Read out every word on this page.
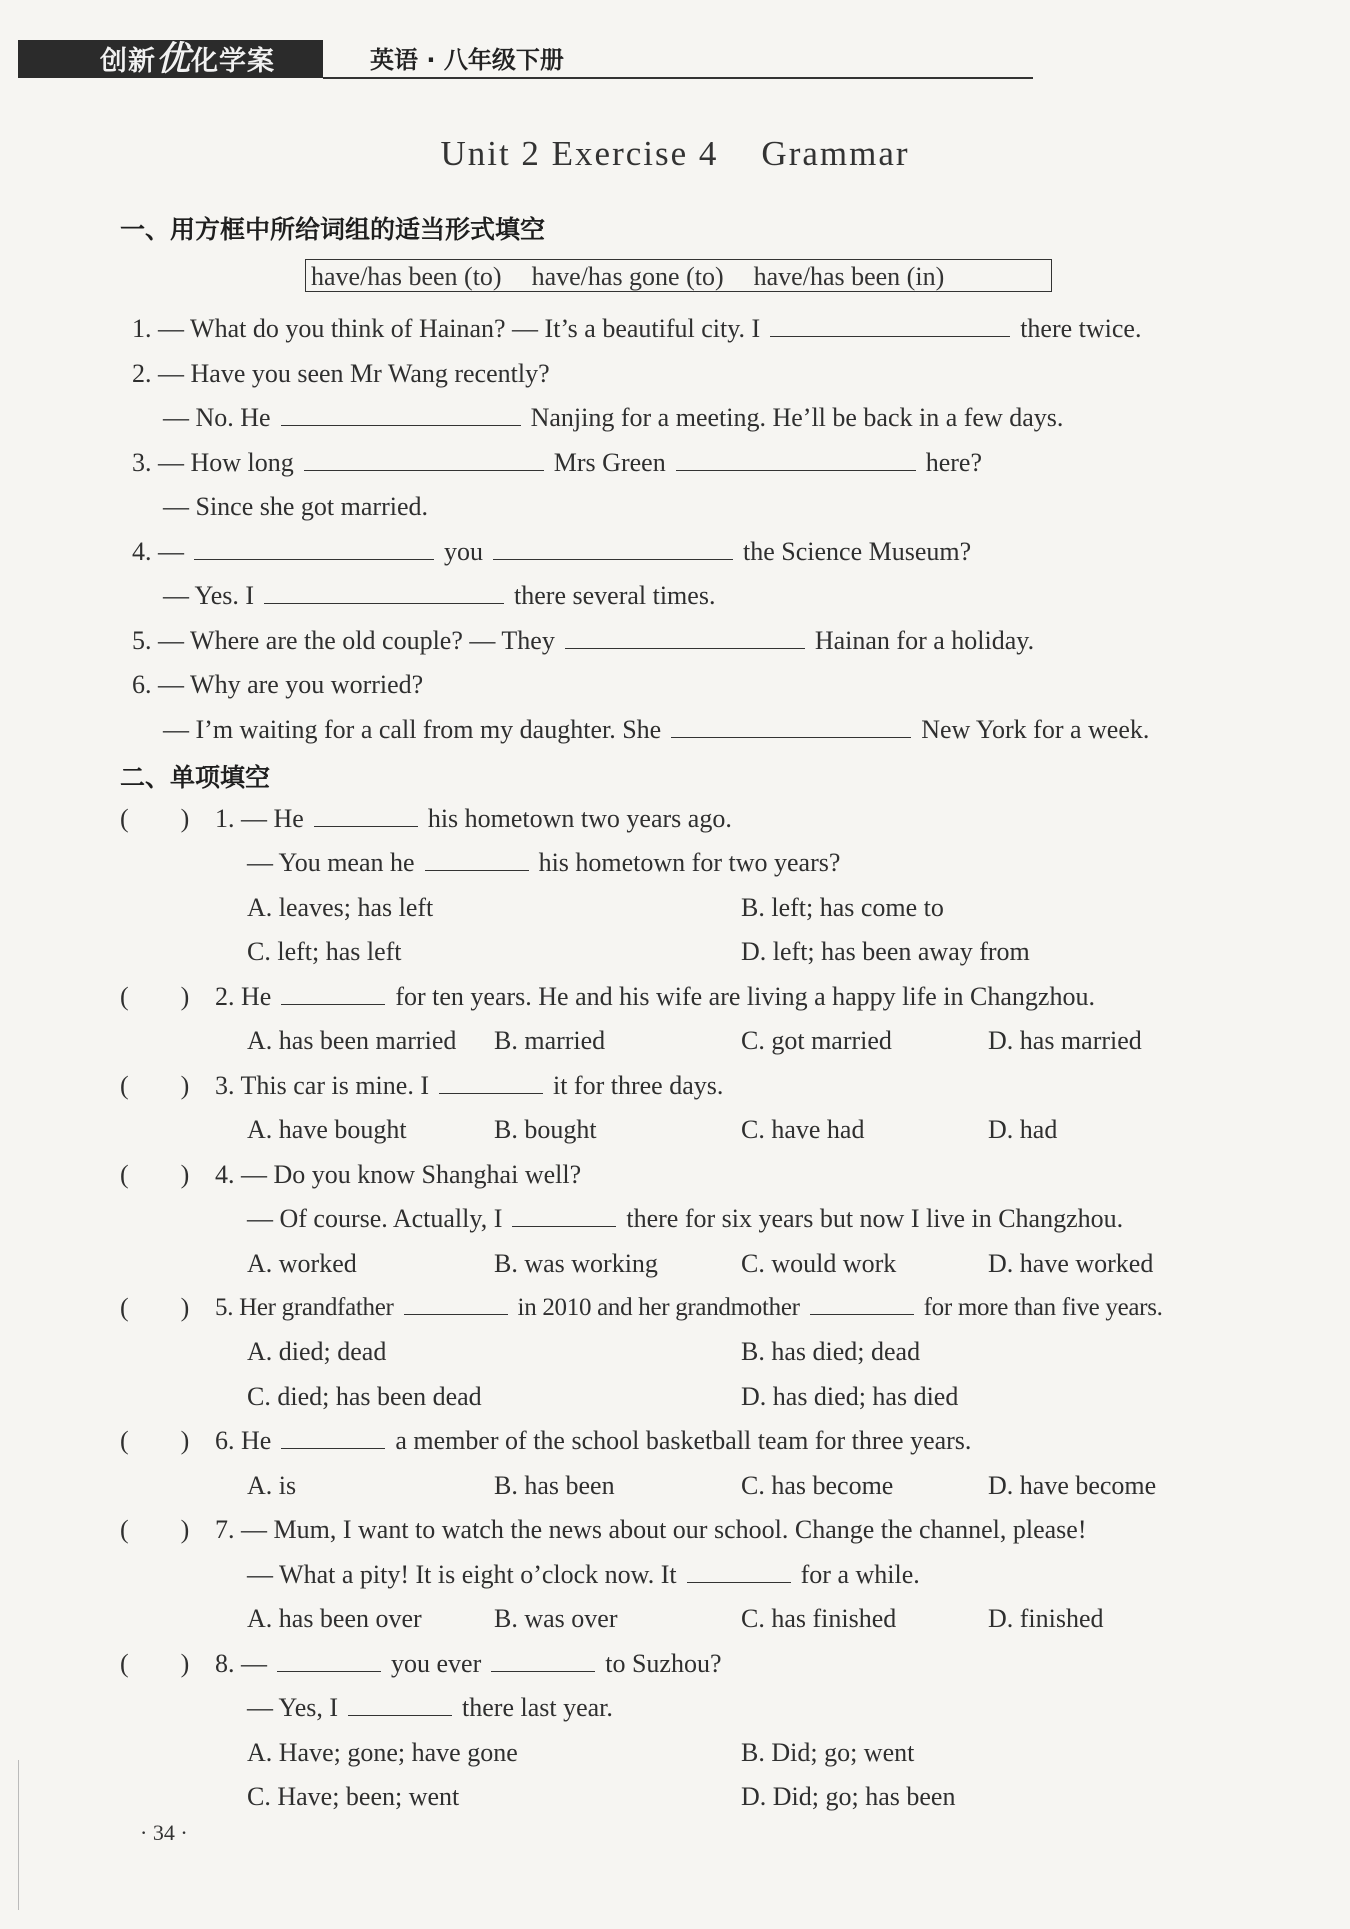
创新优化学案	英语 · 八年级下册
Unit 2 Exercise 4 Grammar
一、用方框中所给词组的适当形式填空
have/has been (to) have/has gone (to) have/has been (in)
1. — What do you think of Hainan? — It’s a beautiful city. I	there twice.
2. — Have you seen Mr Wang recently?
— No. He	Nanjing for a meeting. He’ll be back in a few days.
3. — How long	Mrs Green	here?
— Since she got married.
4. —	you	the Science Museum?
— Yes. I	there several times.
5. — Where are the old couple? — They	Hainan for a holiday.
6. — Why are you worried?
— I’m waiting for a call from my daughter. She	New York for a week.
二、单项填空
(        ) 1. — He	his hometown two years ago.
— You mean he	his hometown for two years?
A. leaves; has left	B. left; has come to
C. left; has left	D. left; has been away from
(        ) 2. He	for ten years. He and his wife are living a happy life in Changzhou.
A. has been married B. married	C. got married	D. has married
(        ) 3. This car is mine. I	it for three days.
A. have bought	B. bought	C. have had	D. had
(        ) 4. — Do you know Shanghai well?
— Of course. Actually, I	there for six years but now I live in Changzhou.
A. worked	B. was working	C. would work	D. have worked
(        ) 5. Her grandfather	in 2010 and her grandmother	for more than five years.
A. died; dead	B. has died; dead
C. died; has been dead	D. has died; has died
(        ) 6. He	a member of the school basketball team for three years.
A. is	B. has been	C. has become	D. have become
(        ) 7. — Mum, I want to watch the news about our school. Change the channel, please!
— What a pity! It is eight o’clock now. It	for a while.
A. has been over	B. was over	C. has finished	D. finished
(        ) 8. —	you ever	to Suzhou?
— Yes, I	there last year.
A. Have; gone; have gone	B. Did; go; went
C. Have; been; went	D. Did; go; has been
· 34 ·
